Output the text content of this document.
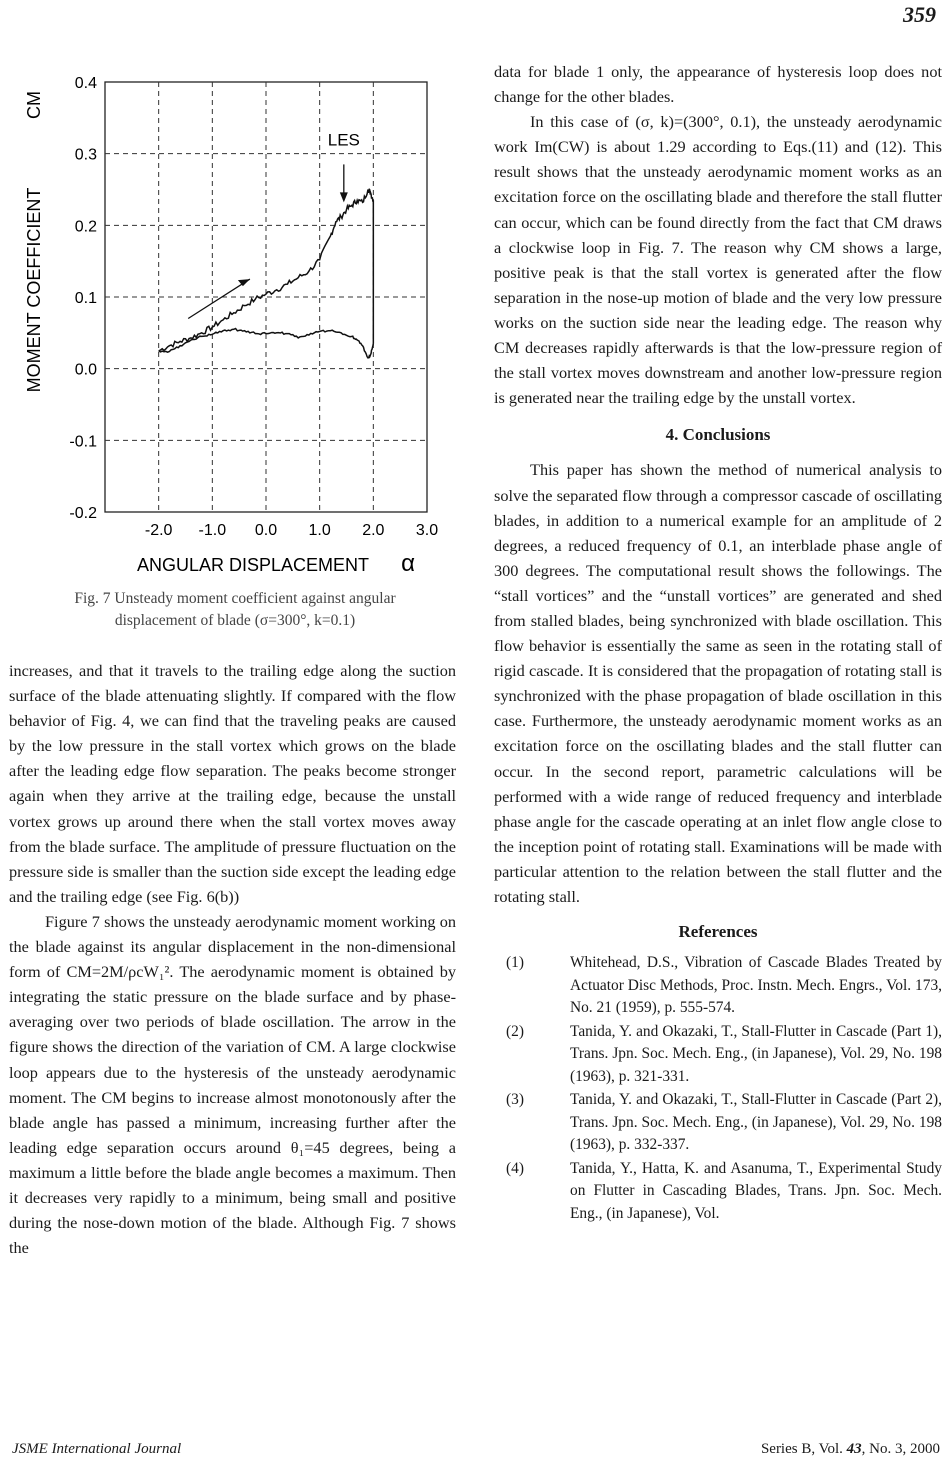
359
0.4
0.3
0.2
0.1
0.0
-0.1
-0.2
-2.0 -1.0 0.0 1.0 2.0 3.0
LES
MOMENT COEFFICIENT
CM
ANGULAR DISPLACEMENT α
Fig. 7 Unsteady moment coefficient against angular
displacement of blade (σ=300°, k=0.1)

increases, and that it travels to the trailing edge along the suction surface of the blade attenuating slightly. If compared with the flow behavior of Fig. 4, we can find that the traveling peaks are caused by the low pressure in the stall vortex which grows on the blade after the leading edge flow separation. The peaks become stronger again when they arrive at the trailing edge, because the unstall vortex grows up around there when the stall vortex moves away from the blade surface. The amplitude of pressure fluctuation on the pressure side is smaller than the suction side except the leading edge and the trailing edge (see Fig. 6(b))

Figure 7 shows the unsteady aerodynamic moment working on the blade against its angular displacement in the non-dimensional form of CM=2M/ρcW₁². The aerodynamic moment is obtained by integrating the static pressure on the blade surface and by phase-averaging over two periods of blade oscillation. The arrow in the figure shows the direction of the variation of CM. A large clockwise loop appears due to the hysteresis of the unsteady aerodynamic moment. The CM begins to increase almost monotonously after the blade angle has passed a minimum, increasing further after the leading edge separation occurs around θ₁=45 degrees, being a maximum a little before the blade angle becomes a maximum. Then it decreases very rapidly to a minimum, being small and positive during the nose-down motion of the blade. Although Fig. 7 shows the

data for blade 1 only, the appearance of hysteresis loop does not change for the other blades.

In this case of (σ, k)=(300°, 0.1), the unsteady aerodynamic work Im(CW) is about 1.29 according to Eqs.(11) and (12). This result shows that the unsteady aerodynamic moment works as an excitation force on the oscillating blade and therefore the stall flutter can occur, which can be found directly from the fact that CM draws a clockwise loop in Fig. 7. The reason why CM shows a large, positive peak is that the stall vortex is generated after the flow separation in the nose-up motion of blade and the very low pressure works on the suction side near the leading edge. The reason why CM decreases rapidly afterwards is that the low-pressure region of the stall vortex moves downstream and another low-pressure region is generated near the trailing edge by the unstall vortex.

4. Conclusions

This paper has shown the method of numerical analysis to solve the separated flow through a compressor cascade of oscillating blades, in addition to a numerical example for an amplitude of 2 degrees, a reduced frequency of 0.1, an interblade phase angle of 300 degrees. The computational result shows the followings. The “stall vortices” and the “unstall vortices” are generated and shed from stalled blades, being synchronized with blade oscillation. This flow behavior is essentially the same as seen in the rotating stall of rigid cascade. It is considered that the propagation of rotating stall is synchronized with the phase propagation of blade oscillation in this case. Furthermore, the unsteady aerodynamic moment works as an excitation force on the oscillating blades and the stall flutter can occur. In the second report, parametric calculations will be performed with a wide range of reduced frequency and interblade phase angle for the cascade operating at an inlet flow angle close to the inception point of rotating stall. Examinations will be made with particular attention to the relation between the stall flutter and the rotating stall.

References
(1)	Whitehead, D.S., Vibration of Cascade Blades Treated by Actuator Disc Methods, Proc. Instn. Mech. Engrs., Vol. 173, No. 21 (1959), p. 555-574.
(2)	Tanida, Y. and Okazaki, T., Stall-Flutter in Cascade (Part 1), Trans. Jpn. Soc. Mech. Eng., (in Japanese), Vol. 29, No. 198 (1963), p. 321-331.
(3)	Tanida, Y. and Okazaki, T., Stall-Flutter in Cascade (Part 2), Trans. Jpn. Soc. Mech. Eng., (in Japanese), Vol. 29, No. 198 (1963), p. 332-337.
(4)	Tanida, Y., Hatta, K. and Asanuma, T., Experimental Study on Flutter in Cascading Blades, Trans. Jpn. Soc. Mech. Eng., (in Japanese), Vol.
JSME International Journal	Series B, Vol. 43, No. 3, 2000
